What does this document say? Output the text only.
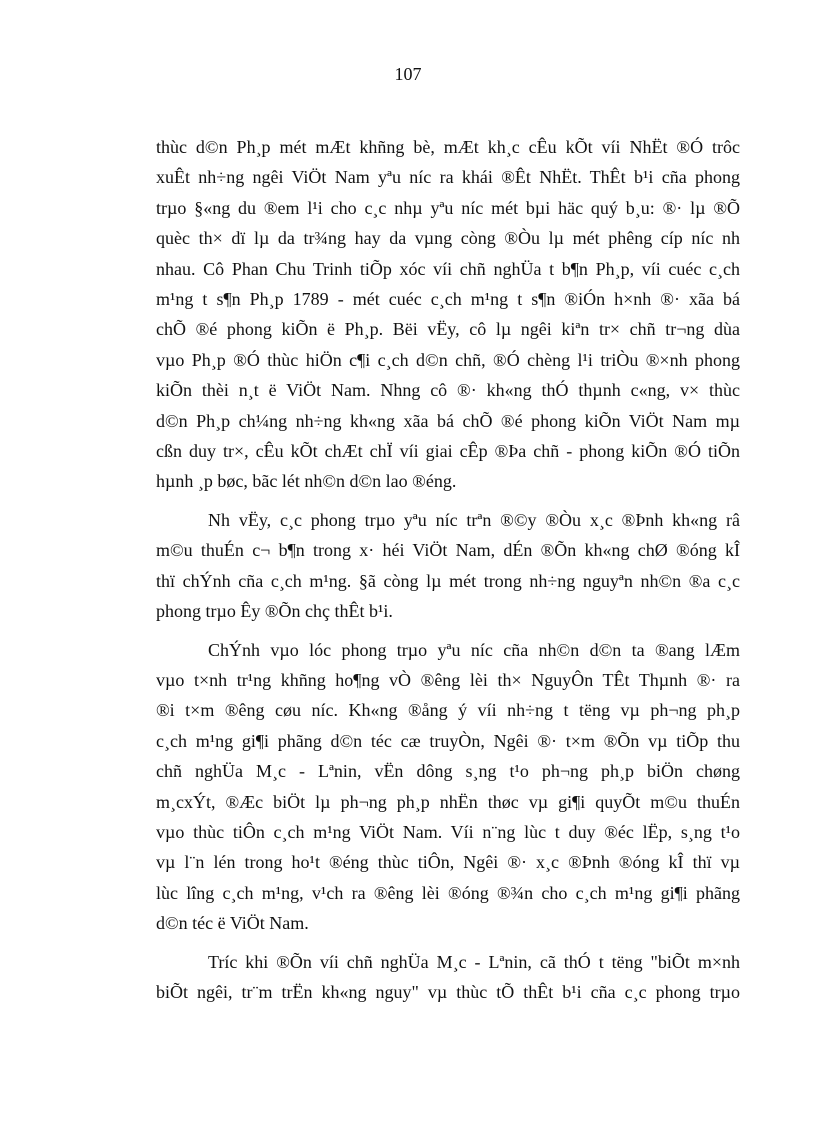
107
thùc d©n Ph¸p mét mÆt khñng bè, mÆt kh¸c cÊu kÕt víi NhËt ®Ó trôc
xuÊt nh÷ng ngêi ViÖt Nam yªu níc ra khái ®Êt NhËt. ThÊt b¹i cña phong
trµo §«ng du ®em l¹i cho c¸c nhµ yªu níc mét bµi häc quý b¸u: ®· lµ ®Õ
quèc th× dï lµ da tr¾ng hay da vµng còng ®Òu lµ mét phêng cíp níc nh
nhau. Cô Phan Chu Trinh tiÕp xóc víi chñ nghÜa t b¶n Ph¸p, víi cuéc c¸ch
m¹ng t s¶n Ph¸p 1789 - mét cuéc c¸ch m¹ng t s¶n ®iÓn h×nh ®· xãa bá
chÕ ®é phong kiÕn ë Ph¸p. Bëi vËy, cô lµ ngêi kiªn tr× chñ tr¬ng dùa
vµo Ph¸p ®Ó thùc hiÖn c¶i c¸ch d©n chñ, ®Ó chèng l¹i triÒu ®×nh phong
kiÕn thèi n¸t ë ViÖt Nam. Nhng cô ®· kh«ng thÓ thµnh c«ng, v× thùc
d©n Ph¸p ch¼ng nh÷ng kh«ng xãa bá chÕ ®é phong kiÕn ViÖt Nam mµ
cßn duy tr×, cÊu kÕt chÆt chÏ víi giai cÊp ®Þa chñ - phong kiÕn ®Ó tiÕn
hµnh ¸p bøc, bãc lét nh©n d©n lao ®éng.
Nh vËy, c¸c phong trµo yªu níc trªn ®©y ®Òu x¸c ®Þnh kh«ng râ
m©u thuÉn c¬ b¶n trong x· héi ViÖt Nam, dÉn ®Õn kh«ng chØ ®óng kÎ
thï chÝnh cña c¸ch m¹ng. §ã còng lµ mét trong nh÷ng nguyªn nh©n ®a c¸c
phong trµo Êy ®Õn chç thÊt b¹i.
ChÝnh vµo lóc phong trµo yªu níc cña nh©n d©n ta ®ang lÆm
vµo t×nh tr¹ng khñng ho¶ng vÒ ®êng lèi th× NguyÔn TÊt Thµnh ®· ra
®i t×m ®êng cøu níc. Kh«ng ®ång ý víi nh÷ng t tëng vµ ph¬ng ph¸p
c¸ch m¹ng gi¶i phãng d©n téc cæ truyÒn, Ngêi ®· t×m ®Õn vµ tiÕp thu
chñ nghÜa M¸c - Lªnin, vËn dông s¸ng t¹o ph¬ng ph¸p biÖn chøng
m¸cxÝt, ®Æc biÖt lµ ph¬ng ph¸p nhËn thøc vµ gi¶i quyÕt m©u thuÉn
vµo thùc tiÔn c¸ch m¹ng ViÖt Nam. Víi n¨ng lùc t duy ®éc lËp, s¸ng t¹o
vµ l¨n lén trong ho¹t ®éng thùc tiÔn, Ngêi ®· x¸c ®Þnh ®óng kÎ thï vµ
lùc lîng c¸ch m¹ng, v¹ch ra ®êng lèi ®óng ®¾n cho c¸ch m¹ng gi¶i phãng
d©n téc ë ViÖt Nam.
Tríc khi ®Õn víi chñ nghÜa M¸c - Lªnin, cã thÓ t tëng "biÕt m×nh
biÕt ngêi, tr¨m trËn kh«ng nguy" vµ thùc tÕ thÊt b¹i cña c¸c phong trµo
